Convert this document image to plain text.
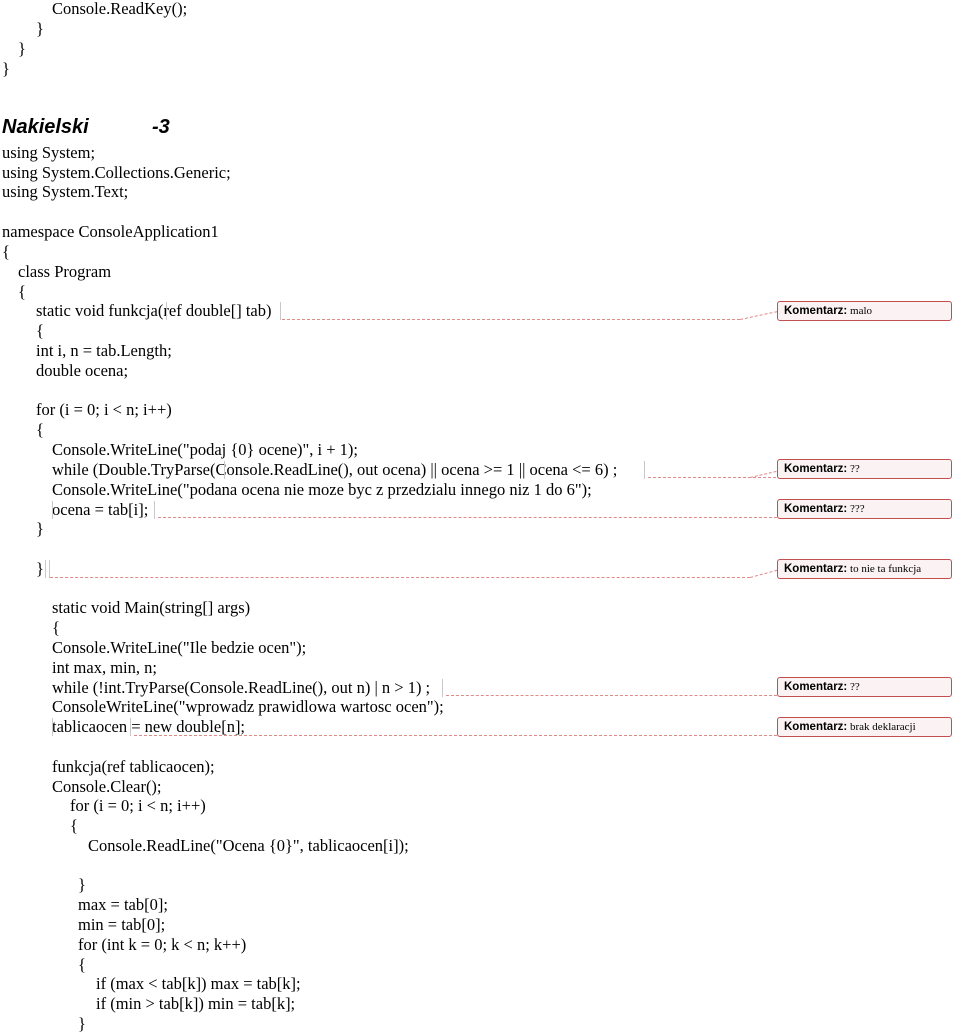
Console.ReadKey();
}
}
}
Nakielski	-3
using System;
using System.Collections.Generic;
using System.Text;
namespace ConsoleApplication1
{
class Program
{
static void funkcja(ref double[] tab)
{
int i, n = tab.Length;
double ocena;
for (i = 0; i < n; i++)
{
Console.WriteLine("podaj {0} ocene)", i + 1);
while (Double.TryParse(Console.ReadLine(), out ocena) || ocena >= 1 || ocena <= 6) ;
Console.WriteLine("podana ocena nie moze byc z przedzialu innego niz 1 do 6");
ocena = tab[i];
}
}
static void Main(string[] args)
{
Console.WriteLine("Ile bedzie ocen");
int max, min, n;
while (!int.TryParse(Console.ReadLine(), out n) | n > 1) ;
ConsoleWriteLine("wprowadz prawidlowa wartosc ocen");
tablicaocen = new double[n];
funkcja(ref tablicaocen);
Console.Clear();
for (i = 0; i < n; i++)
{
Console.ReadLine("Ocena {0}", tablicaocen[i]);
}
max = tab[0];
min = tab[0];
for (int k = 0; k < n; k++)
{
if (max < tab[k]) max = tab[k];
if (min > tab[k]) min = tab[k];
}
Komentarz: malo
Komentarz: ??
Komentarz: ???
Komentarz: to nie ta funkcja
Komentarz: ??
Komentarz: brak deklaracji
